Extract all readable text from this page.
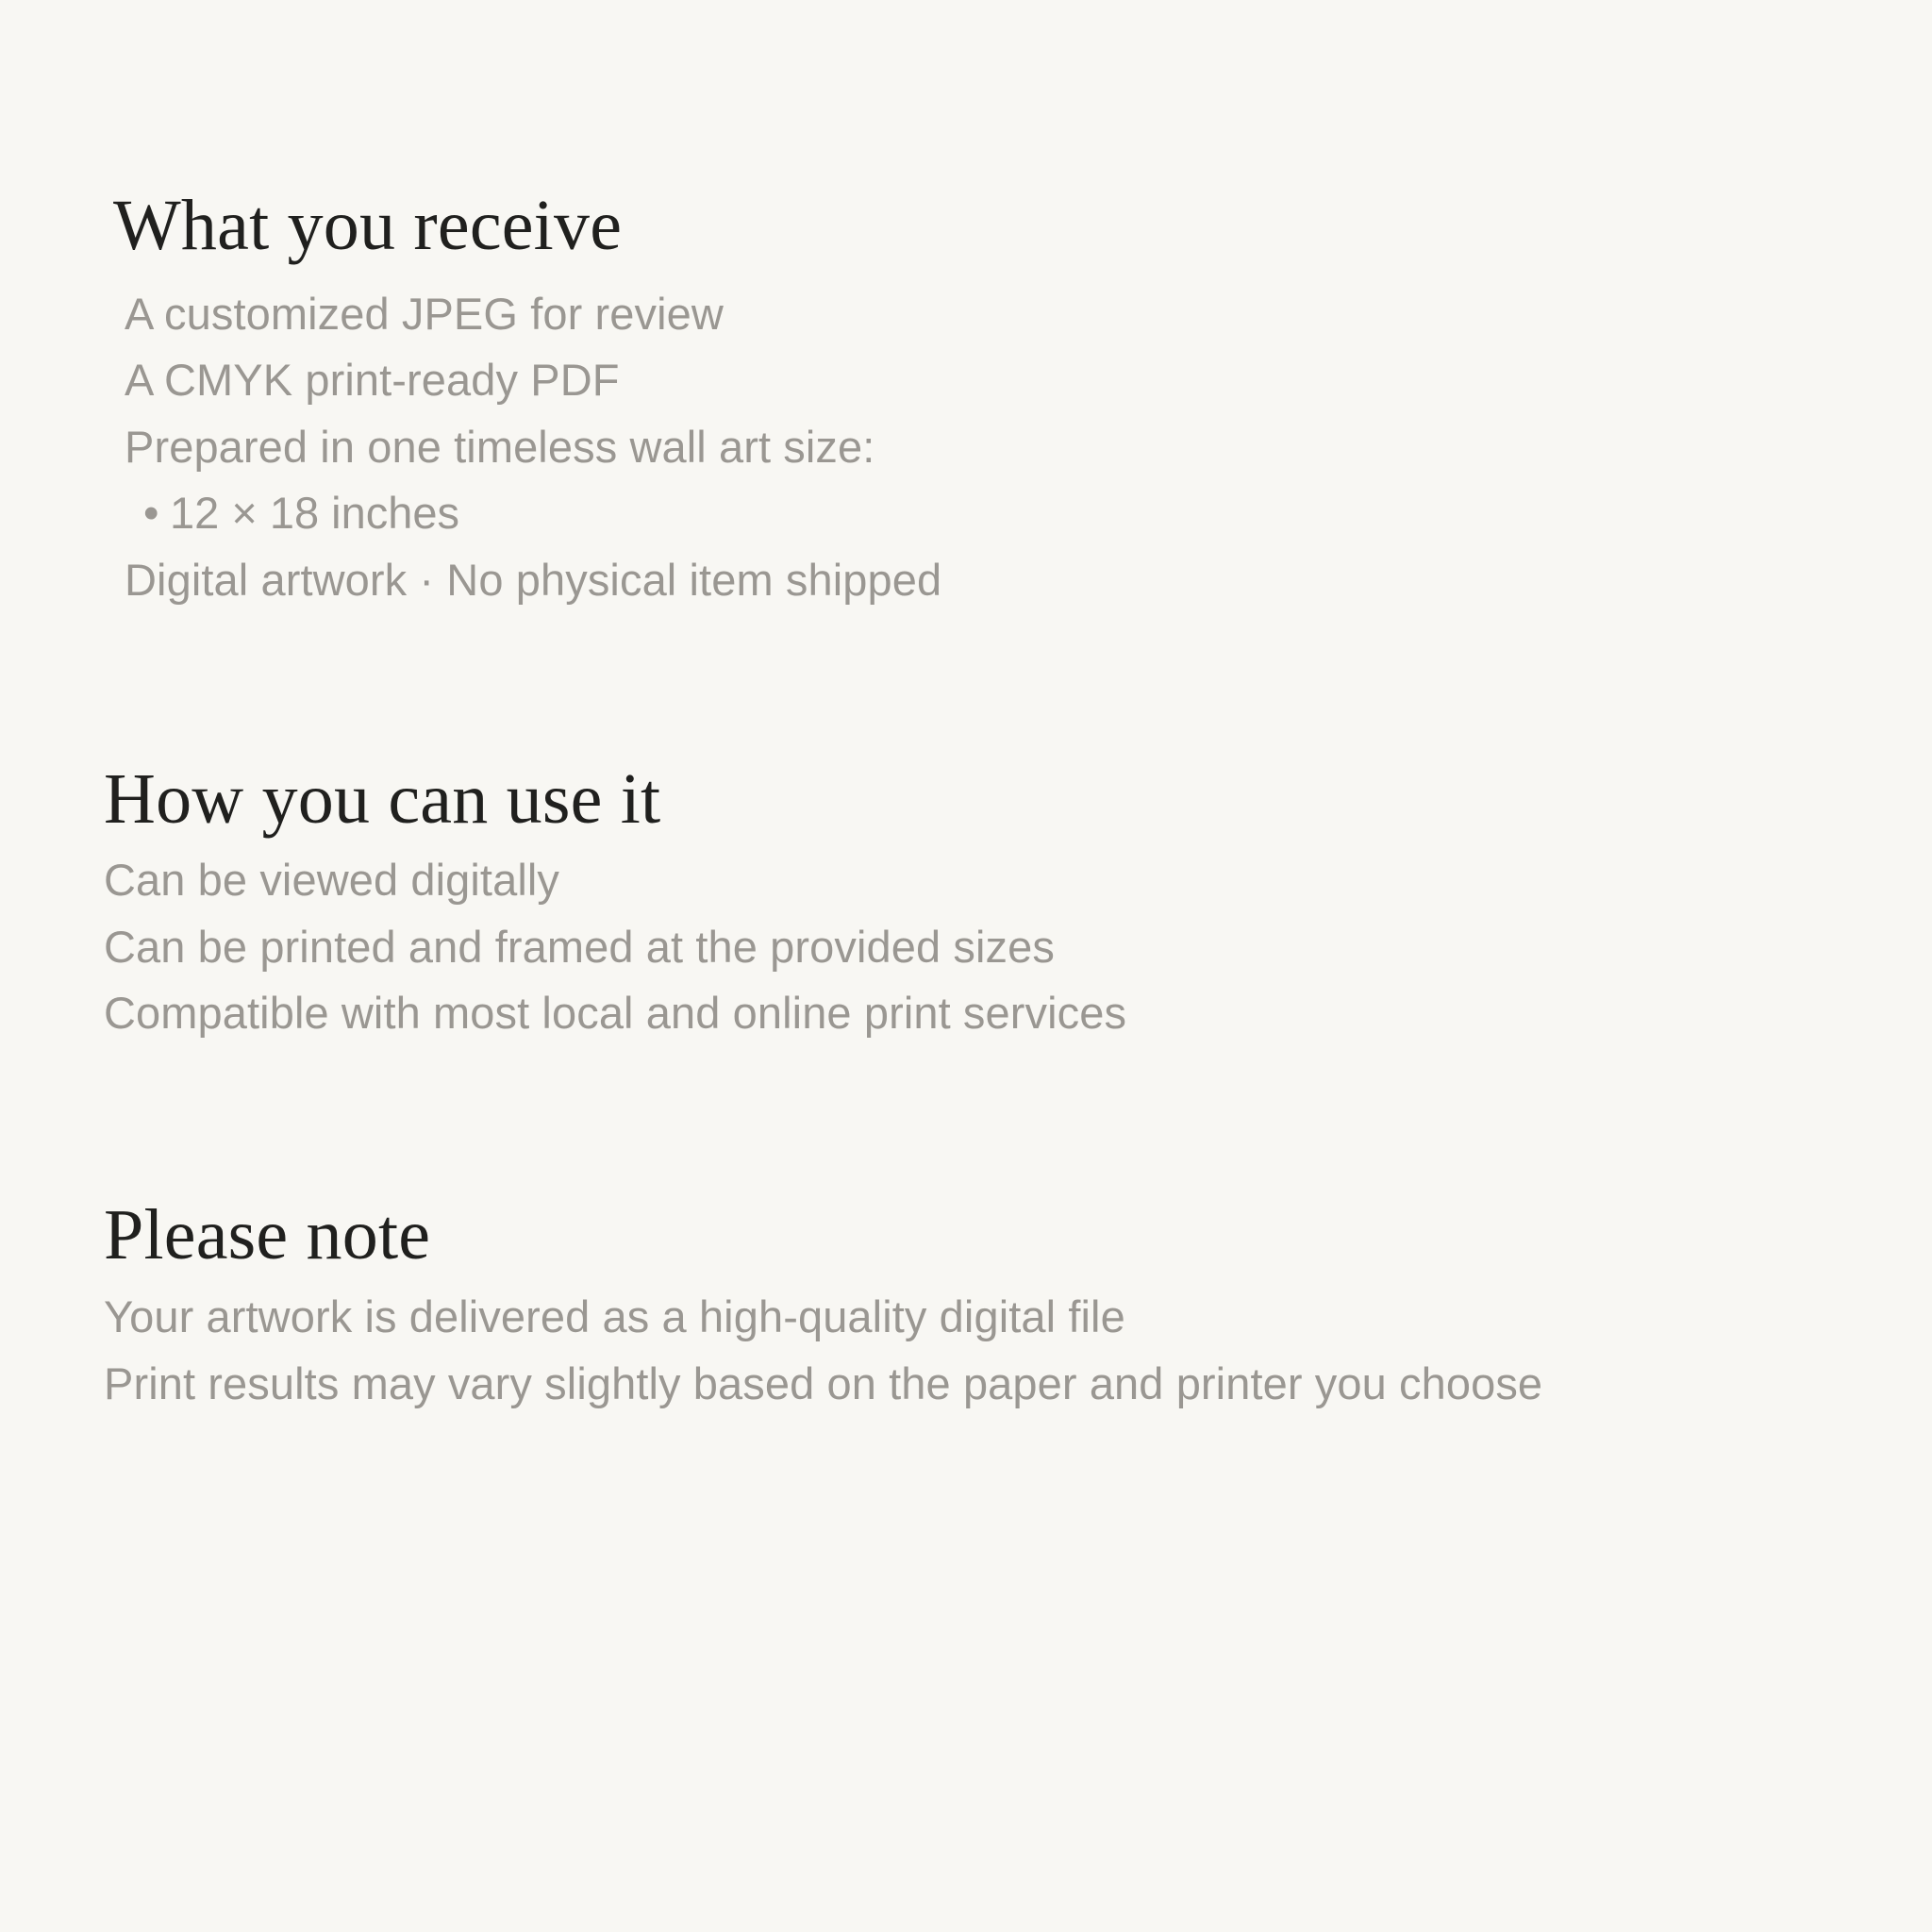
What you receive
A customized JPEG for review
A CMYK print-ready PDF
Prepared in one timeless wall art size:
• 12 × 18 inches
Digital artwork · No physical item shipped
How you can use it
Can be viewed digitally
Can be printed and framed at the provided sizes
Compatible with most local and online print services
Please note
Your artwork is delivered as a high-quality digital file
Print results may vary slightly based on the paper and printer you choose
